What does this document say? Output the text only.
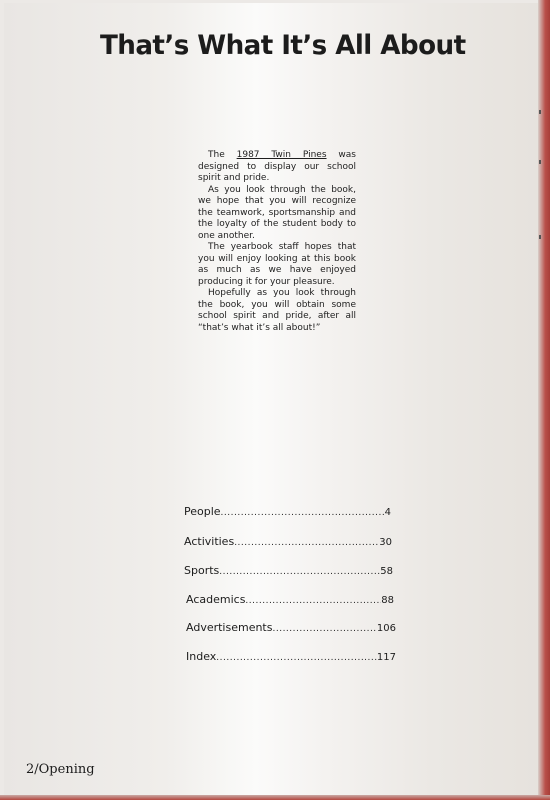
That’s What It’s All About

The 1987 Twin Pines was designed to display our school spirit and pride.

As you look through the book, we hope that you will recognize the teamwork, sportsmanship and the loyalty of the student body to one another.

The yearbook staff hopes that you will enjoy looking at this book as much as we have enjoyed producing it for your pleasure.

Hopefully as you look through the book, you will obtain some school spirit and pride, after all “that’s what it’s all about!”

People .....	4
Activities .....	30
Sports .....	58
Academics .....	88
Advertisements .....	106
Index .....	117
2/Opening
